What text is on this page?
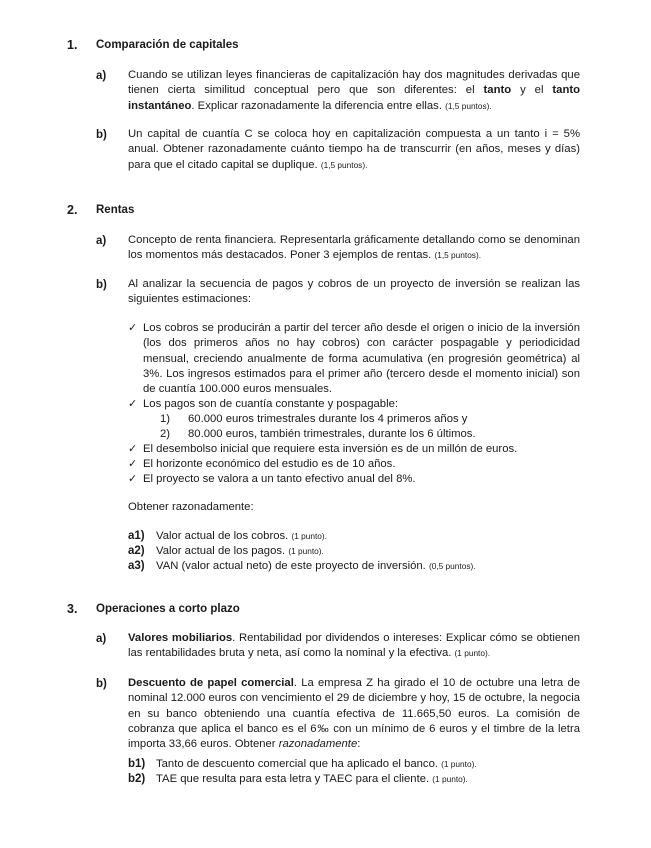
1. Comparación de capitales
a) Cuando se utilizan leyes financieras de capitalización hay dos magnitudes derivadas que tienen cierta similitud conceptual pero que son diferentes: el tanto y el tanto instantáneo. Explicar razonadamente la diferencia entre ellas. (1,5 puntos).
b) Un capital de cuantía C se coloca hoy en capitalización compuesta a un tanto i = 5% anual. Obtener razonadamente cuánto tiempo ha de transcurrir (en años, meses y días) para que el citado capital se duplique. (1,5 puntos).
2. Rentas
a) Concepto de renta financiera. Representarla gráficamente detallando como se denominan los momentos más destacados. Poner 3 ejemplos de rentas. (1,5 puntos).
b) Al analizar la secuencia de pagos y cobros de un proyecto de inversión se realizan las siguientes estimaciones:
✓ Los cobros se producirán a partir del tercer año desde el origen o inicio de la inversión (los dos primeros años no hay cobros) con carácter pospagable y periodicidad mensual, creciendo anualmente de forma acumulativa (en progresión geométrica) al 3%. Los ingresos estimados para el primer año (tercero desde el momento inicial) son de cuantía 100.000 euros mensuales.
✓ Los pagos son de cuantía constante y pospagable:
1) 60.000 euros trimestrales durante los 4 primeros años y
2) 80.000 euros, también trimestrales, durante los 6 últimos.
✓ El desembolso inicial que requiere esta inversión es de un millón de euros.
✓ El horizonte económico del estudio es de 10 años.
✓ El proyecto se valora a un tanto efectivo anual del 8%.
Obtener razonadamente:
a1) Valor actual de los cobros. (1 punto).
a2) Valor actual de los pagos. (1 punto).
a3) VAN (valor actual neto) de este proyecto de inversión. (0,5 puntos).
3. Operaciones a corto plazo
a) Valores mobiliarios. Rentabilidad por dividendos o intereses: Explicar cómo se obtienen las rentabilidades bruta y neta, así como la nominal y la efectiva. (1 punto).
b) Descuento de papel comercial. La empresa Z ha girado el 10 de octubre una letra de nominal 12.000 euros con vencimiento el 29 de diciembre y hoy, 15 de octubre, la negocia en su banco obteniendo una cuantía efectiva de 11.665,50 euros. La comisión de cobranza que aplica el banco es el 6‰ con un mínimo de 6 euros y el timbre de la letra importa 33,66 euros. Obtener razonadamente:
b1) Tanto de descuento comercial que ha aplicado el banco. (1 punto).
b2) TAE que resulta para esta letra y TAEC para el cliente. (1 punto).
